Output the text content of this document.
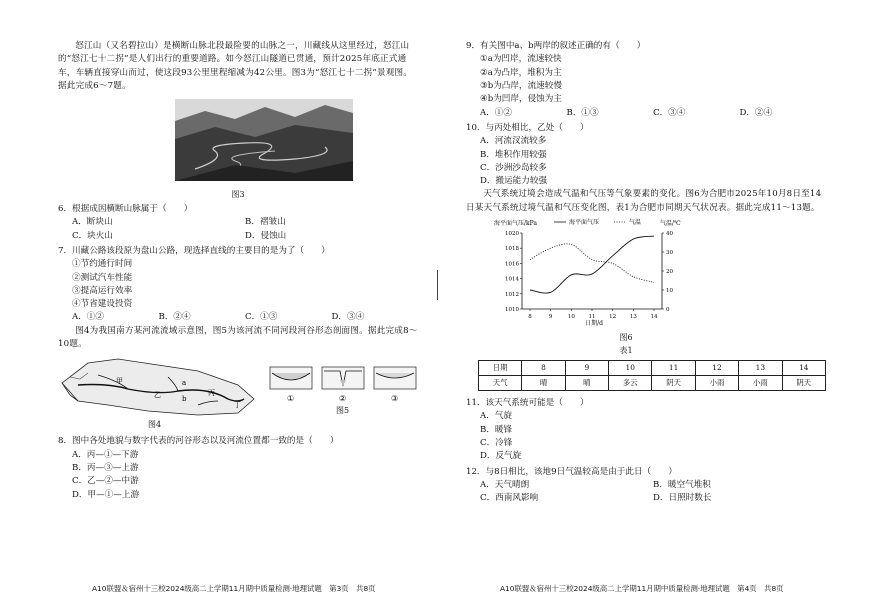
怒江山（又名碧拉山）是横断山脉北段最险要的山脉之一，川藏线从这里经过，怒江山的“怒江七十二拐”是人们出行的重要道路。如今怒江山隧道已贯通，预计2025年底正式通车，车辆直接穿山而过，使这段93公里里程缩减为42公里。图3为“怒江七十二拐”景观图。据此完成6～7题。

图3

6．根据成因横断山脉属于（　　）

A．断块山	B．褶皱山
C．块火山	D．侵蚀山

7．川藏公路该段原为盘山公路，现选择直线的主要目的是为了（　　）

①节约通行时间

②测试汽车性能

③提高运行效率

④节省建设投资

A．①②	B．②④	C．①③	D．③④

图4为我国南方某河流流域示意图，图5为该河流不同河段河谷形态剖面图。据此完成8～10题。

甲
乙	丙
丁
a
b	①	②	③
图4
图5

8．图中各处地貌与数字代表的河谷形态以及河流位置都一致的是（　　）

A．丙—①—下游

B．丙—③—上游

C．乙—②—中游

D．甲—①—上游

9．有关图中a、b两岸的叙述正确的有（　　）

①a为凹岸，流速较快

②a为凸岸，堆积为主

③b为凸岸，流速较慢

④b为凹岸，侵蚀为主

A．①②	B．①③	C．③④	D．②④

10．与丙处相比，乙处（　　）

A．河流汊流较多

B．堆积作用较强

C．沙洲沙岛较多

D．搬运能力较强

天气系统过境会造成气温和气压等气象要素的变化。图6为合肥市2025年10月8日至14日某天气系统过境气温和气压变化图，表1为合肥市同期天气状况表。据此完成11～13题。

1010
1012
1014
1016
1018
1020
0
10
20
30
40
8	9	10 11 12 13 14
海平面气压/kPa	气温/℃
海平面气压	气温
日期/d

图6

表1

日期	8	9	10	11	12	13	14
天气	晴	晴	多云	阴天	小雨	小雨	阴天

11．该天气系统可能是（　　）

A．气旋

B．暖锋

C．冷锋

D．反气旋

12．与8日相比，该地9日气温较高是由于此日（　　）

A．天气晴朗	B．暖空气堆积
C．西南风影响	D．日照时数长
A10联盟＆宿州十三校2024级高二上学期11月期中质量检测·地理试题　第3页　共8页	A10联盟＆宿州十三校2024级高二上学期11月期中质量检测·地理试题　第4页　共8页
